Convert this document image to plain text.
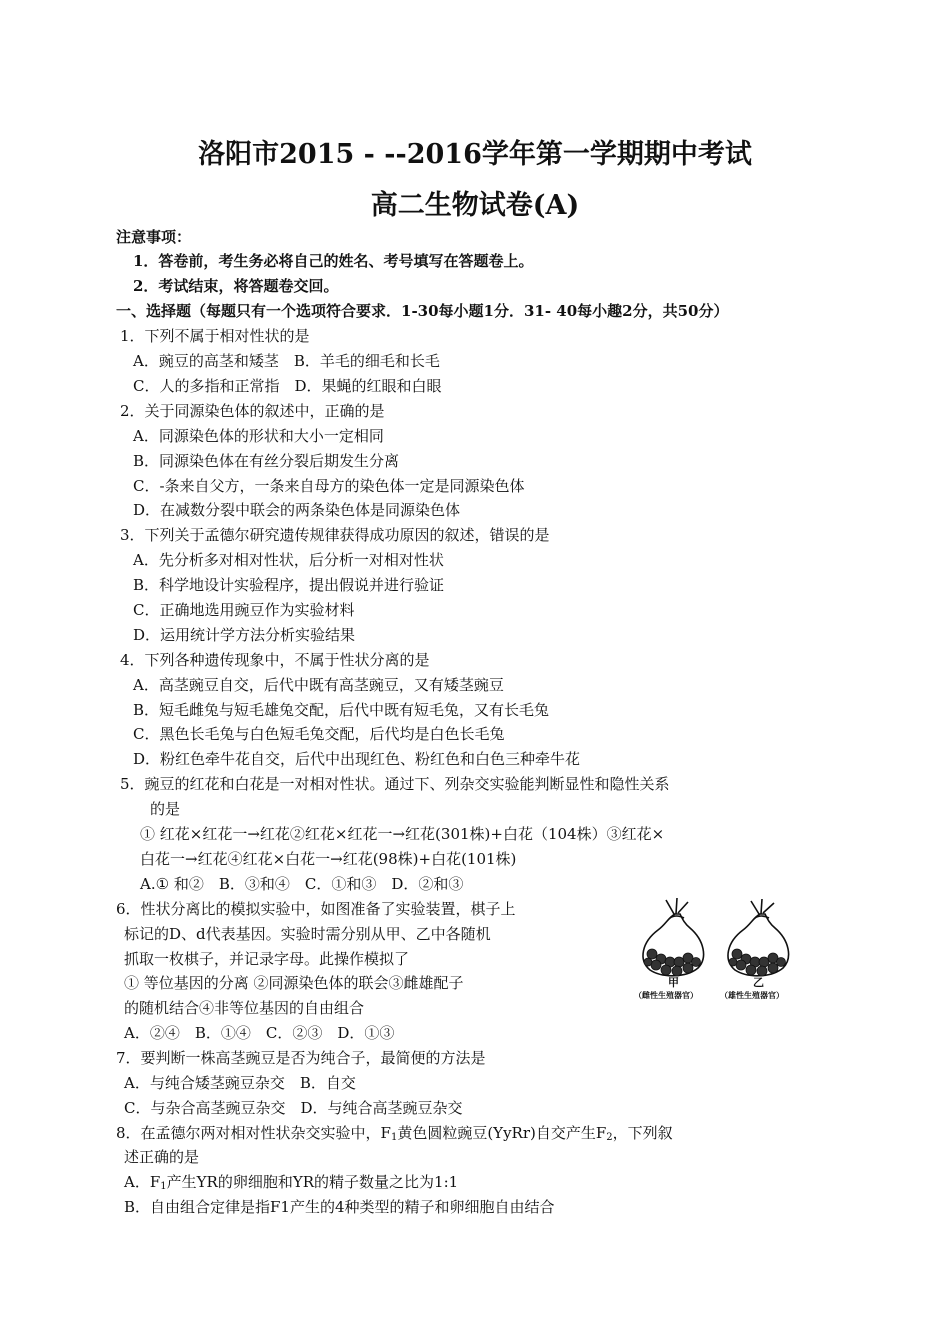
洛阳市2015 - --2016学年第一学期期中考试
高二生物试卷(A)
注意事项：
1．答卷前，考生务必将自己的姓名、考号填写在答题卷上。
2．考试结束，将答题卷交回。
一、选择题（每题只有一个选项符合要求．1-30每小题1分．31- 40每小趣2分，共50分）
1．下列不属于相对性状的是
A．豌豆的高茎和矮茎　B．羊毛的细毛和长毛
C．人的多指和正常指　D．果蝇的红眼和白眼
2．关于同源染色体的叙述中，正确的是
A．同源染色体的形状和大小一定相同
B．同源染色体在有丝分裂后期发生分离
C．-条来自父方，一条来自母方的染色体一定是同源染色体
D．在减数分裂中联会的两条染色体是同源染色体
3．下列关于孟德尔研究遗传规律获得成功原因的叙述，错误的是
A．先分析多对相对性状，后分析一对相对性状
B．科学地设计实验程序，提出假说并进行验证
C．正确地选用豌豆作为实验材料
D．运用统计学方法分析实验结果
4．下列各种遗传现象中，不属于性状分离的是
A．高茎豌豆自交，后代中既有高茎豌豆，又有矮茎豌豆
B．短毛雌兔与短毛雄兔交配，后代中既有短毛兔，又有长毛兔
C．黑色长毛兔与白色短毛兔交配，后代均是白色长毛兔
D．粉红色牵牛花自交，后代中出现红色、粉红色和白色三种牵牛花
5．豌豆的红花和白花是一对相对性状。通过下、列杂交实验能判断显性和隐性关系
的是
① 红花×红花一→红花②红花×红花一→红花(301株)+白花（104株）③红花×
白花一→红花④红花×白花一→红花(98株)+白花(101株)
A.① 和②　B．③和④　C．①和③　D．②和③
6．性状分离比的模拟实验中，如图准备了实验装置，棋子上
标记的D、d代表基因。实验时需分别从甲、乙中各随机
抓取一枚棋子，并记录字母。此操作模拟了
① 等位基因的分离 ②同源染色体的联会③雌雄配子
的随机结合④非等位基因的自由组合
A．②④　B．①④　C．②③　D．①③
甲	乙
（雌性生殖器官）	（雄性生殖器官）
7．要判断一株高茎豌豆是否为纯合子，最简便的方法是
A．与纯合矮茎豌豆杂交　B．自交
C．与杂合高茎豌豆杂交　D．与纯合高茎豌豆杂交
8．在孟德尔两对相对性状杂交实验中，$F_1$黄色圆粒豌豆(YyRr)自交产生$F_2$，下列叙
述正确的是
A．$F_1$产生YR的卵细胞和YR的精子数量之比为1:1
B．自由组合定律是指F1产生的4种类型的精子和卵细胞自由结合
